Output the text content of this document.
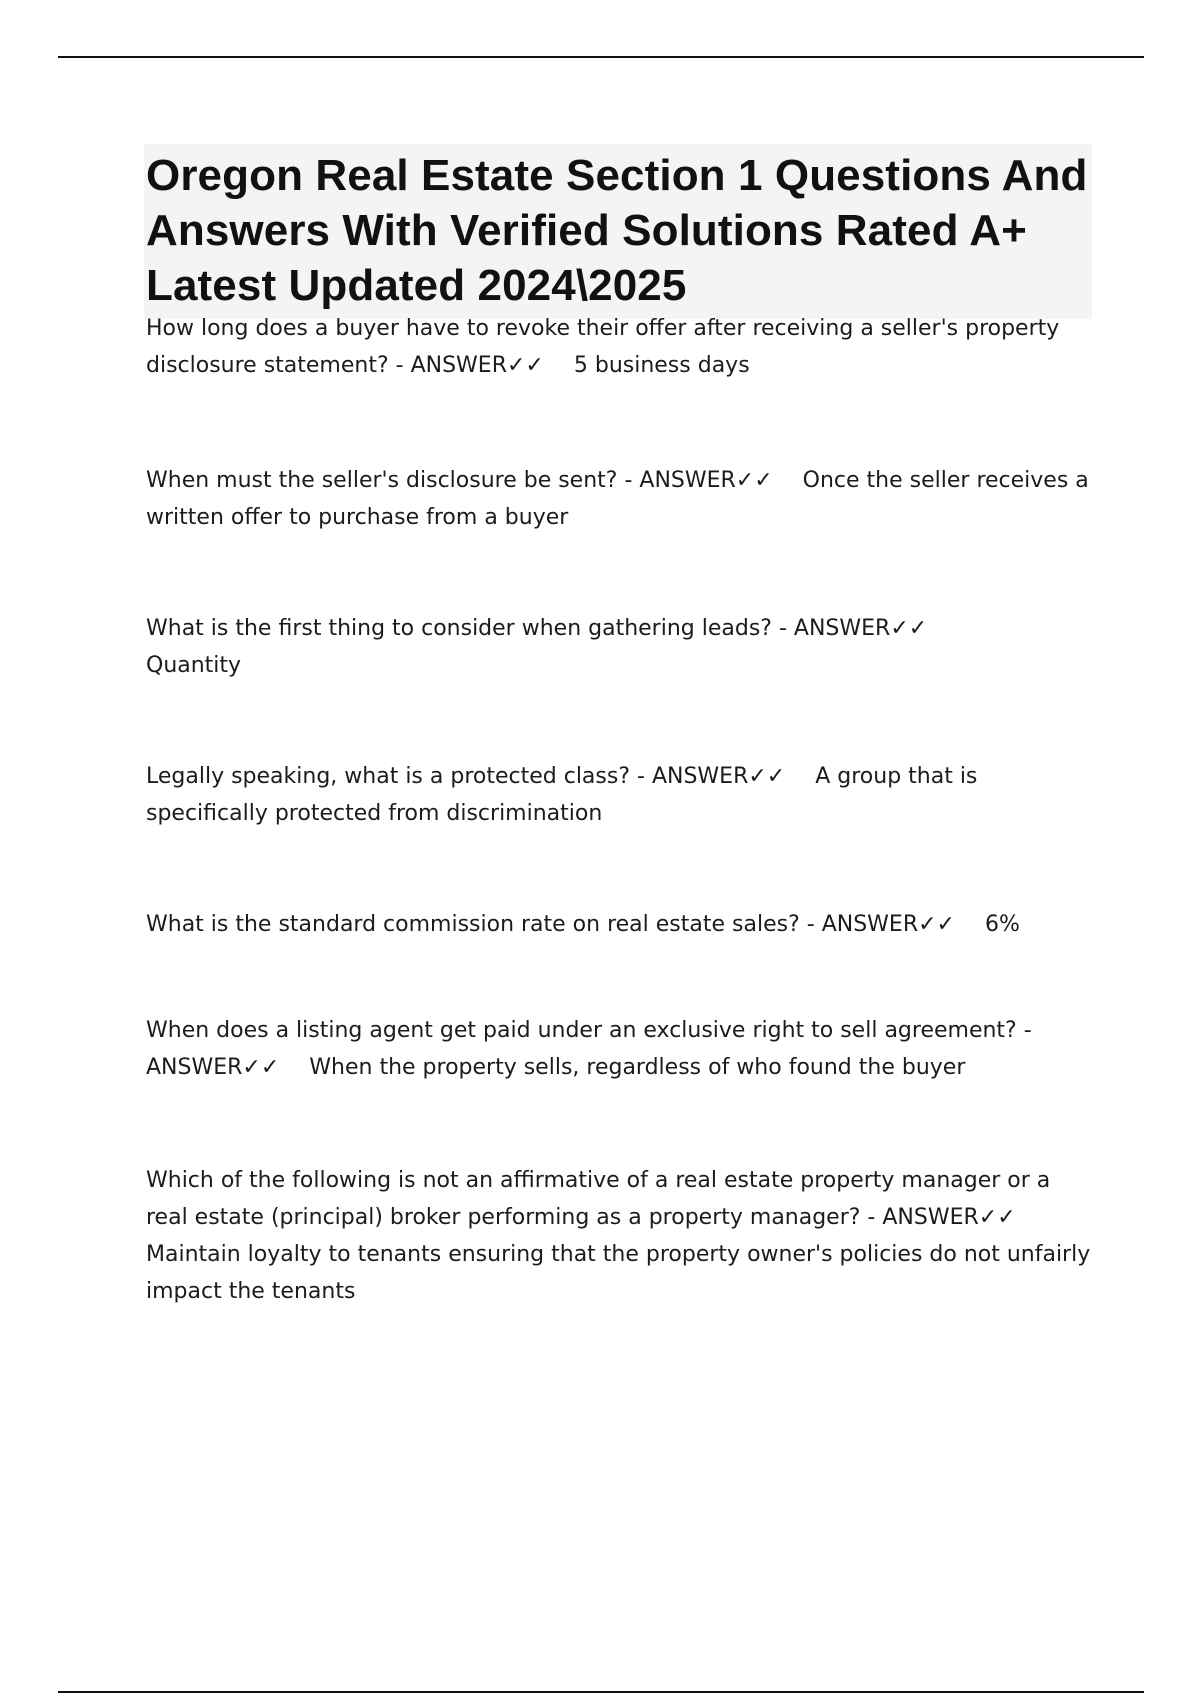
Oregon Real Estate Section 1 Questions And Answers With Verified Solutions Rated A+ Latest Updated 2024\2025

How long does a buyer have to revoke their offer after receiving a seller's property disclosure statement? - ANSWER✓✓ 5 business days

When must the seller's disclosure be sent? - ANSWER✓✓ Once the seller receives a written offer to purchase from a buyer

What is the first thing to consider when gathering leads? - ANSWER✓✓
Quantity

Legally speaking, what is a protected class? - ANSWER✓✓ A group that is specifically protected from discrimination

What is the standard commission rate on real estate sales? - ANSWER✓✓ 6%

When does a listing agent get paid under an exclusive right to sell agreement? - ANSWER✓✓ When the property sells, regardless of who found the buyer

Which of the following is not an affirmative of a real estate property manager or a real estate (principal) broker performing as a property manager? - ANSWER✓✓
Maintain loyalty to tenants ensuring that the property owner's policies do not unfairly impact the tenants
